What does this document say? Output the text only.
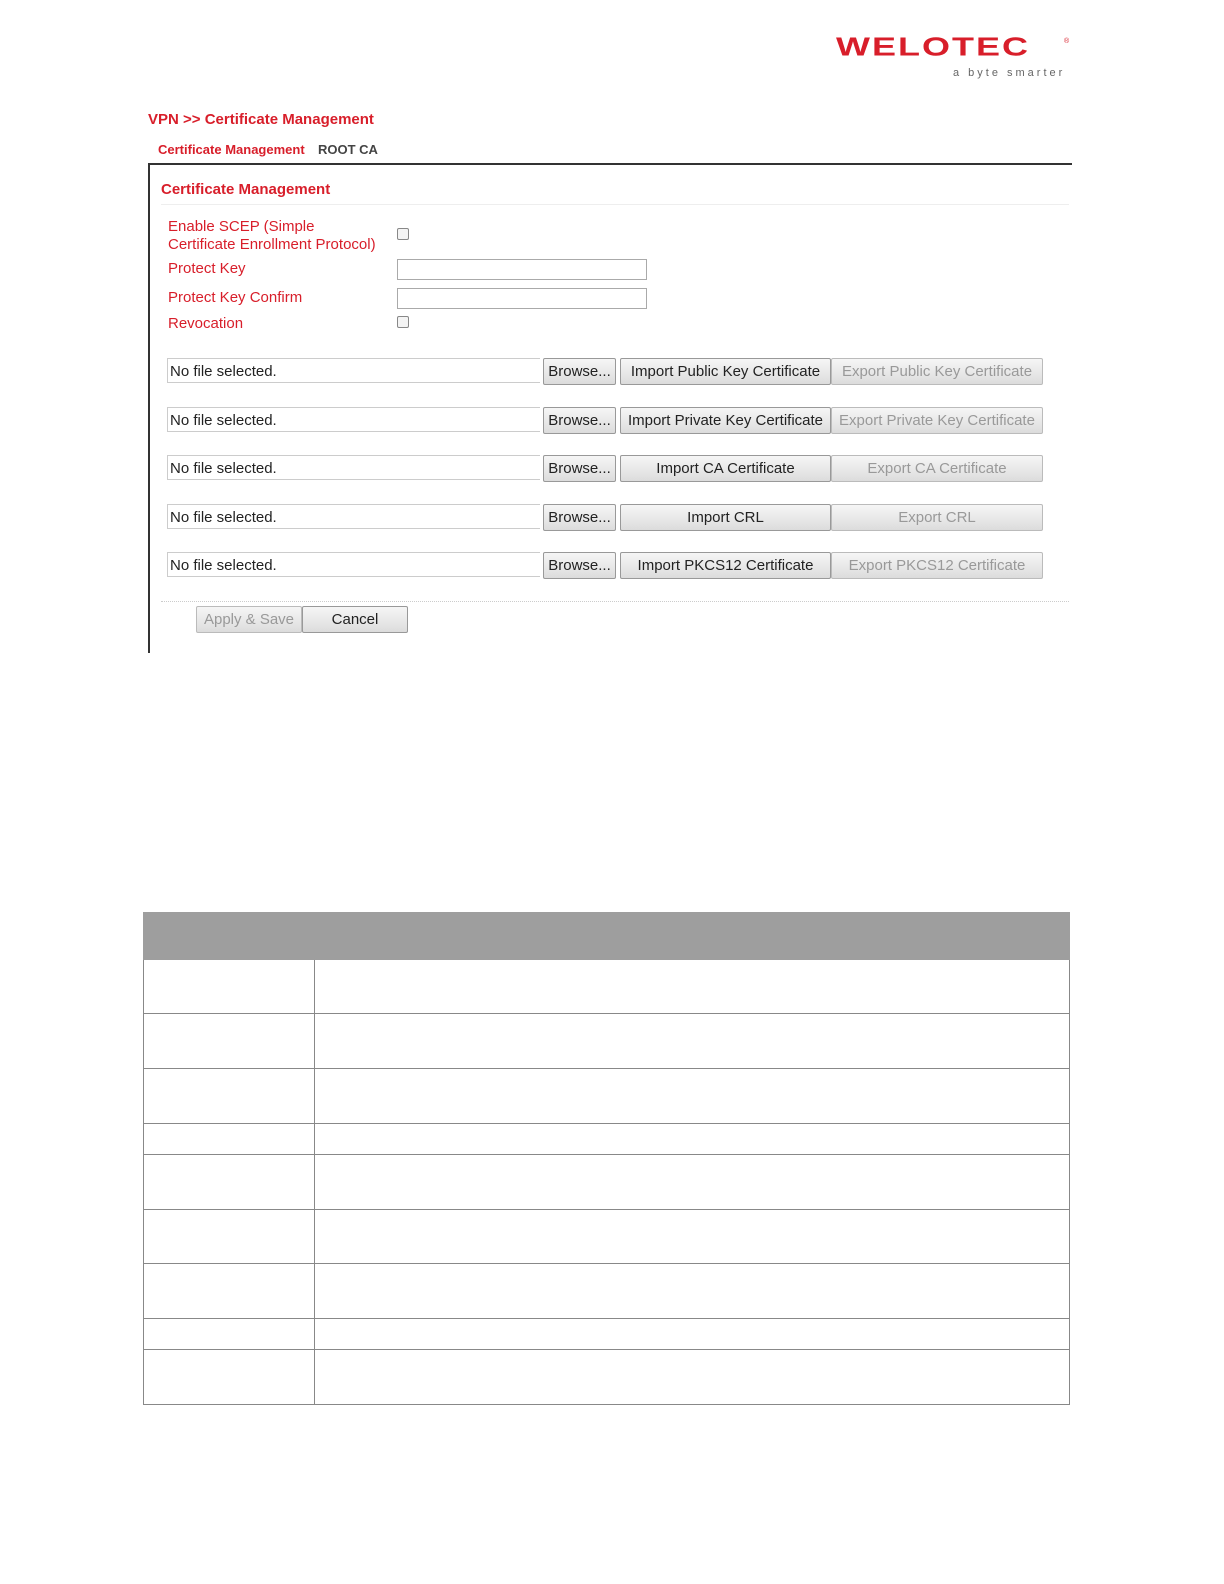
WELOTEC	®
a byte smarter
VPN >> Certificate Management
Certificate Management ROOT CA
Certificate Management
Enable SCEP (Simple
Certificate Enrollment Protocol)
Protect Key
Protect Key Confirm
Revocation
No file selected.	Browse...	Import Public Key Certificate	Export Public Key Certificate
No file selected.	Browse...	Import Private Key Certificate	Export Private Key Certificate
No file selected.	Browse...	Import CA Certificate	Export CA Certificate
No file selected.	Browse...	Import CRL	Export CRL
No file selected.	Browse...	Import PKCS12 Certificate	Export PKCS12 Certificate
Apply & Save	Cancel
